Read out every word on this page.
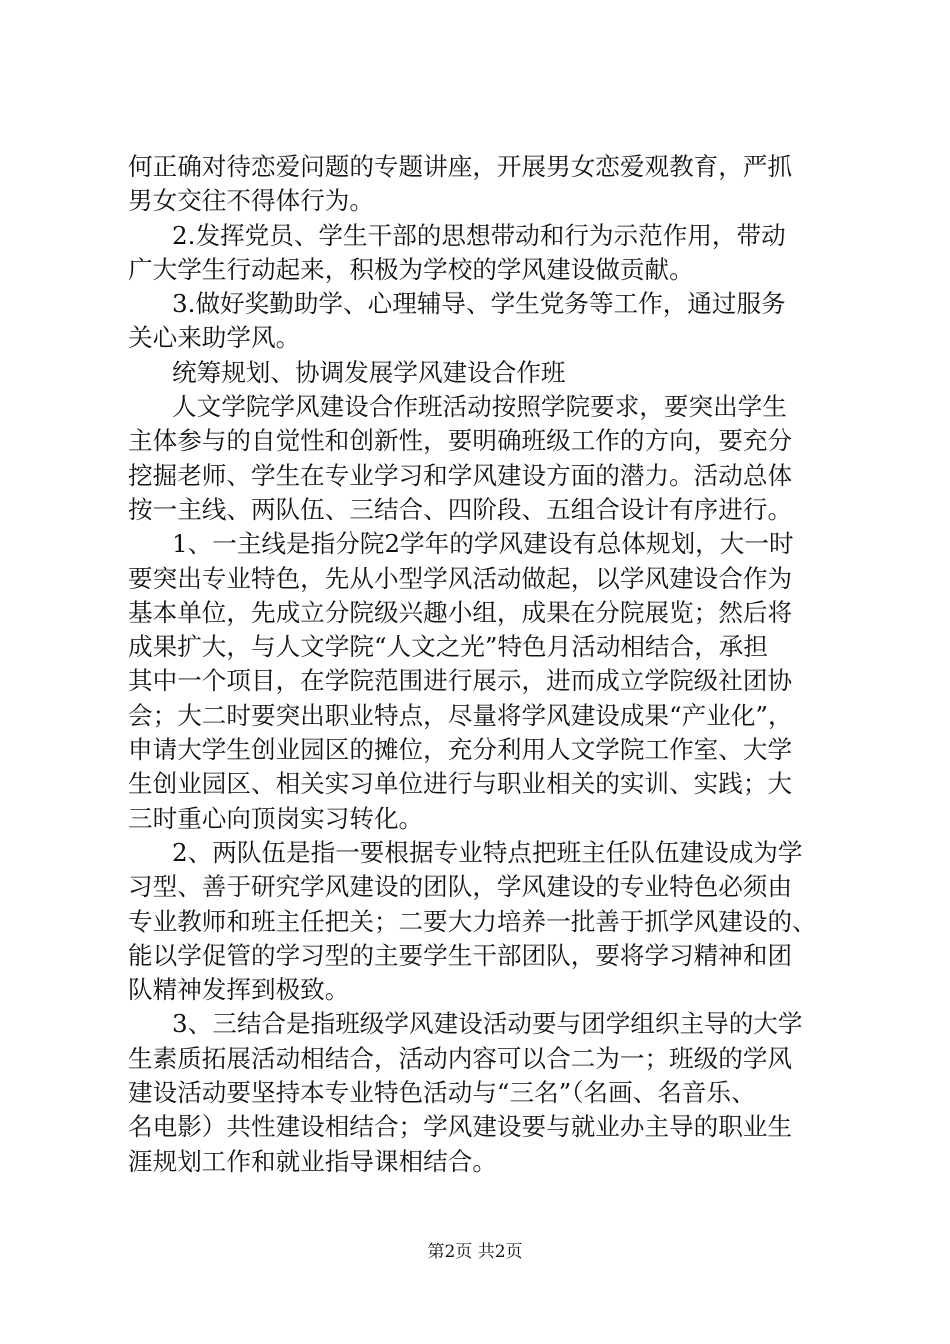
何正确对待恋爱问题的专题讲座，开展男女恋爱观教育，严抓
男女交往不得体行为。
2.发挥党员、学生干部的思想带动和行为示范作用，带动
广大学生行动起来，积极为学校的学风建设做贡献。
3.做好奖勤助学、心理辅导、学生党务等工作，通过服务
关心来助学风。
统筹规划、协调发展学风建设合作班
人文学院学风建设合作班活动按照学院要求，要突出学生
主体参与的自觉性和创新性，要明确班级工作的方向，要充分
挖掘老师、学生在专业学习和学风建设方面的潜力。活动总体
按一主线、两队伍、三结合、四阶段、五组合设计有序进行。
1、一主线是指分院2学年的学风建设有总体规划，大一时
要突出专业特色，先从小型学风活动做起，以学风建设合作为
基本单位，先成立分院级兴趣小组，成果在分院展览；然后将
成果扩大，与人文学院“人文之光”特色月活动相结合，承担
其中一个项目，在学院范围进行展示，进而成立学院级社团协
会；大二时要突出职业特点，尽量将学风建设成果“产业化”，
申请大学生创业园区的摊位，充分利用人文学院工作室、大学
生创业园区、相关实习单位进行与职业相关的实训、实践；大
三时重心向顶岗实习转化。
2、两队伍是指一要根据专业特点把班主任队伍建设成为学
习型、善于研究学风建设的团队，学风建设的专业特色必须由
专业教师和班主任把关；二要大力培养一批善于抓学风建设的、
能以学促管的学习型的主要学生干部团队，要将学习精神和团
队精神发挥到极致。
3、三结合是指班级学风建设活动要与团学组织主导的大学
生素质拓展活动相结合，活动内容可以合二为一；班级的学风
建设活动要坚持本专业特色活动与“三名”（名画、名音乐、
名电影）共性建设相结合；学风建设要与就业办主导的职业生
涯规划工作和就业指导课相结合。
第2页 共2页
